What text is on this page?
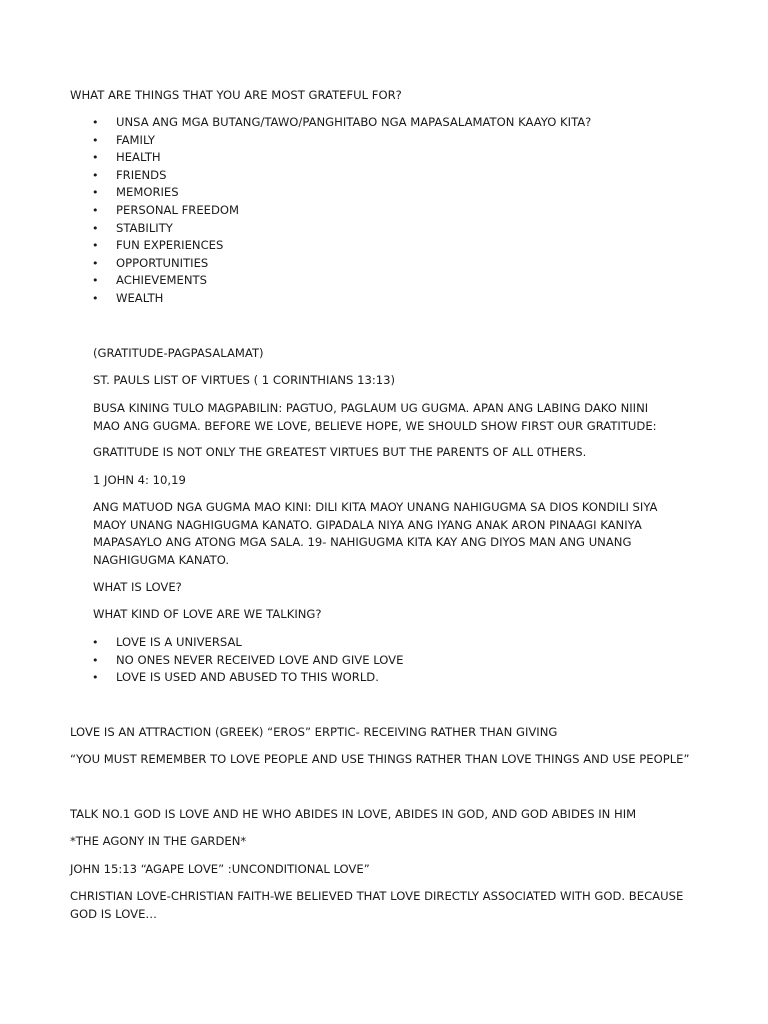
WHAT ARE THINGS THAT YOU ARE MOST GRATEFUL FOR?
• UNSA ANG MGA BUTANG/TAWO/PANGHITABO NGA MAPASALAMATON KAAYO KITA?
• FAMILY
• HEALTH
• FRIENDS
• MEMORIES
• PERSONAL FREEDOM
• STABILITY
• FUN EXPERIENCES
• OPPORTUNITIES
• ACHIEVEMENTS
• WEALTH
(GRATITUDE-PAGPASALAMAT)
ST. PAULS LIST OF VIRTUES ( 1 CORINTHIANS 13:13)
BUSA KINING TULO MAGPABILIN: PAGTUO, PAGLAUM UG GUGMA. APAN ANG LABING DAKO NIINI
MAO ANG GUGMA. BEFORE WE LOVE, BELIEVE HOPE, WE SHOULD SHOW FIRST OUR GRATITUDE:
GRATITUDE IS NOT ONLY THE GREATEST VIRTUES BUT THE PARENTS OF ALL 0THERS.
1 JOHN 4: 10,19
ANG MATUOD NGA GUGMA MAO KINI: DILI KITA MAOY UNANG NAHIGUGMA SA DIOS KONDILI SIYA
MAOY UNANG NAGHIGUGMA KANATO. GIPADALA NIYA ANG IYANG ANAK ARON PINAAGI KANIYA
MAPASAYLO ANG ATONG MGA SALA. 19- NAHIGUGMA KITA KAY ANG DIYOS MAN ANG UNANG
NAGHIGUGMA KANATO.
WHAT IS LOVE?
WHAT KIND OF LOVE ARE WE TALKING?
• LOVE IS A UNIVERSAL
• NO ONES NEVER RECEIVED LOVE AND GIVE LOVE
• LOVE IS USED AND ABUSED TO THIS WORLD.
LOVE IS AN ATTRACTION (GREEK) “EROS” ERPTIC- RECEIVING RATHER THAN GIVING
“YOU MUST REMEMBER TO LOVE PEOPLE AND USE THINGS RATHER THAN LOVE THINGS AND USE PEOPLE”
TALK NO.1 GOD IS LOVE AND HE WHO ABIDES IN LOVE, ABIDES IN GOD, AND GOD ABIDES IN HIM
*THE AGONY IN THE GARDEN*
JOHN 15:13 “AGAPE LOVE” :UNCONDITIONAL LOVE”
CHRISTIAN LOVE-CHRISTIAN FAITH-WE BELIEVED THAT LOVE DIRECTLY ASSOCIATED WITH GOD. BECAUSE
GOD IS LOVE…
